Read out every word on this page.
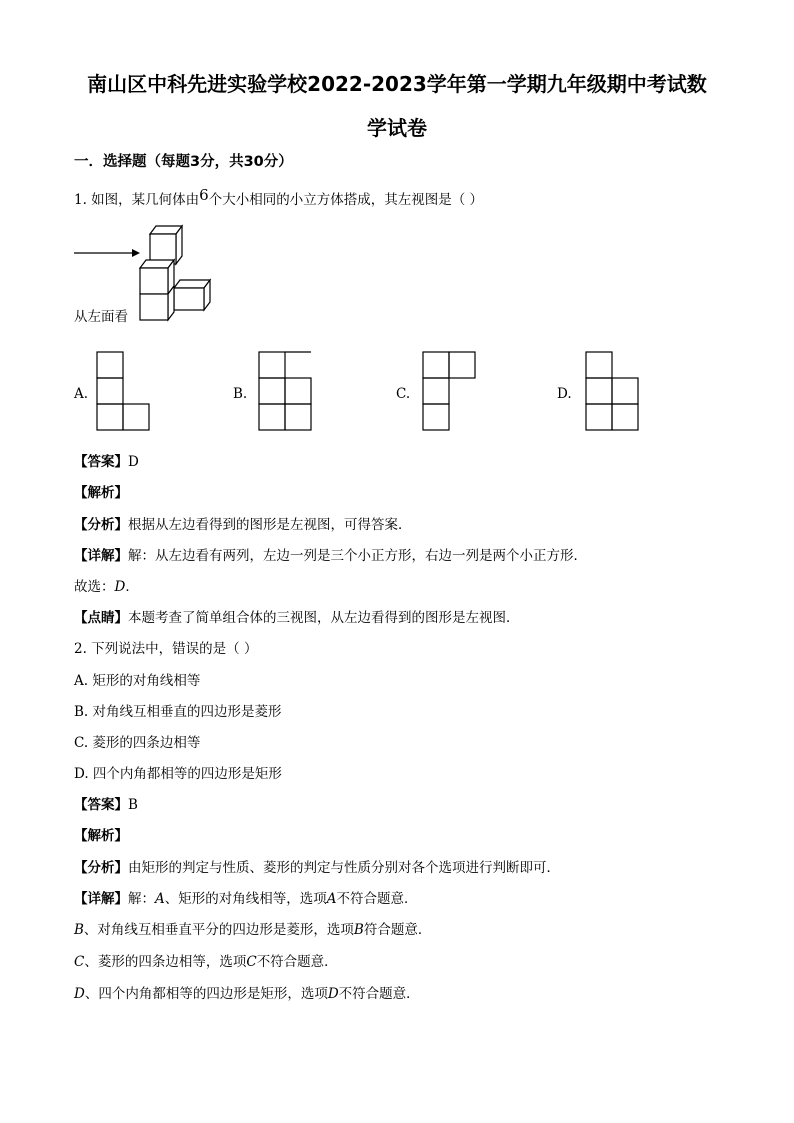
南山区中科先进实验学校2022-2023学年第一学期九年级期中考试数
学试卷
一．选择题（每题3分，共30分）
1. 如图，某几何体由6个大小相同的小立方体搭成，其左视图是（ ）
从左面看
A.	B.	C.	D.
【答案】D
【解析】
【分析】根据从左边看得到的图形是左视图，可得答案．
【详解】解：从左边看有两列，左边一列是三个小正方形，右边一列是两个小正方形．
故选：D．
【点睛】本题考查了简单组合体的三视图，从左边看得到的图形是左视图．
2. 下列说法中，错误的是（ ）
A. 矩形的对角线相等
B. 对角线互相垂直的四边形是菱形
C. 菱形的四条边相等
D. 四个内角都相等的四边形是矩形
【答案】B
【解析】
【分析】由矩形的判定与性质、菱形的判定与性质分别对各个选项进行判断即可．
【详解】解：A、矩形的对角线相等，选项A不符合题意．
B、对角线互相垂直平分的四边形是菱形，选项B符合题意．
C、菱形的四条边相等，选项C不符合题意．
D、四个内角都相等的四边形是矩形，选项D不符合题意．
